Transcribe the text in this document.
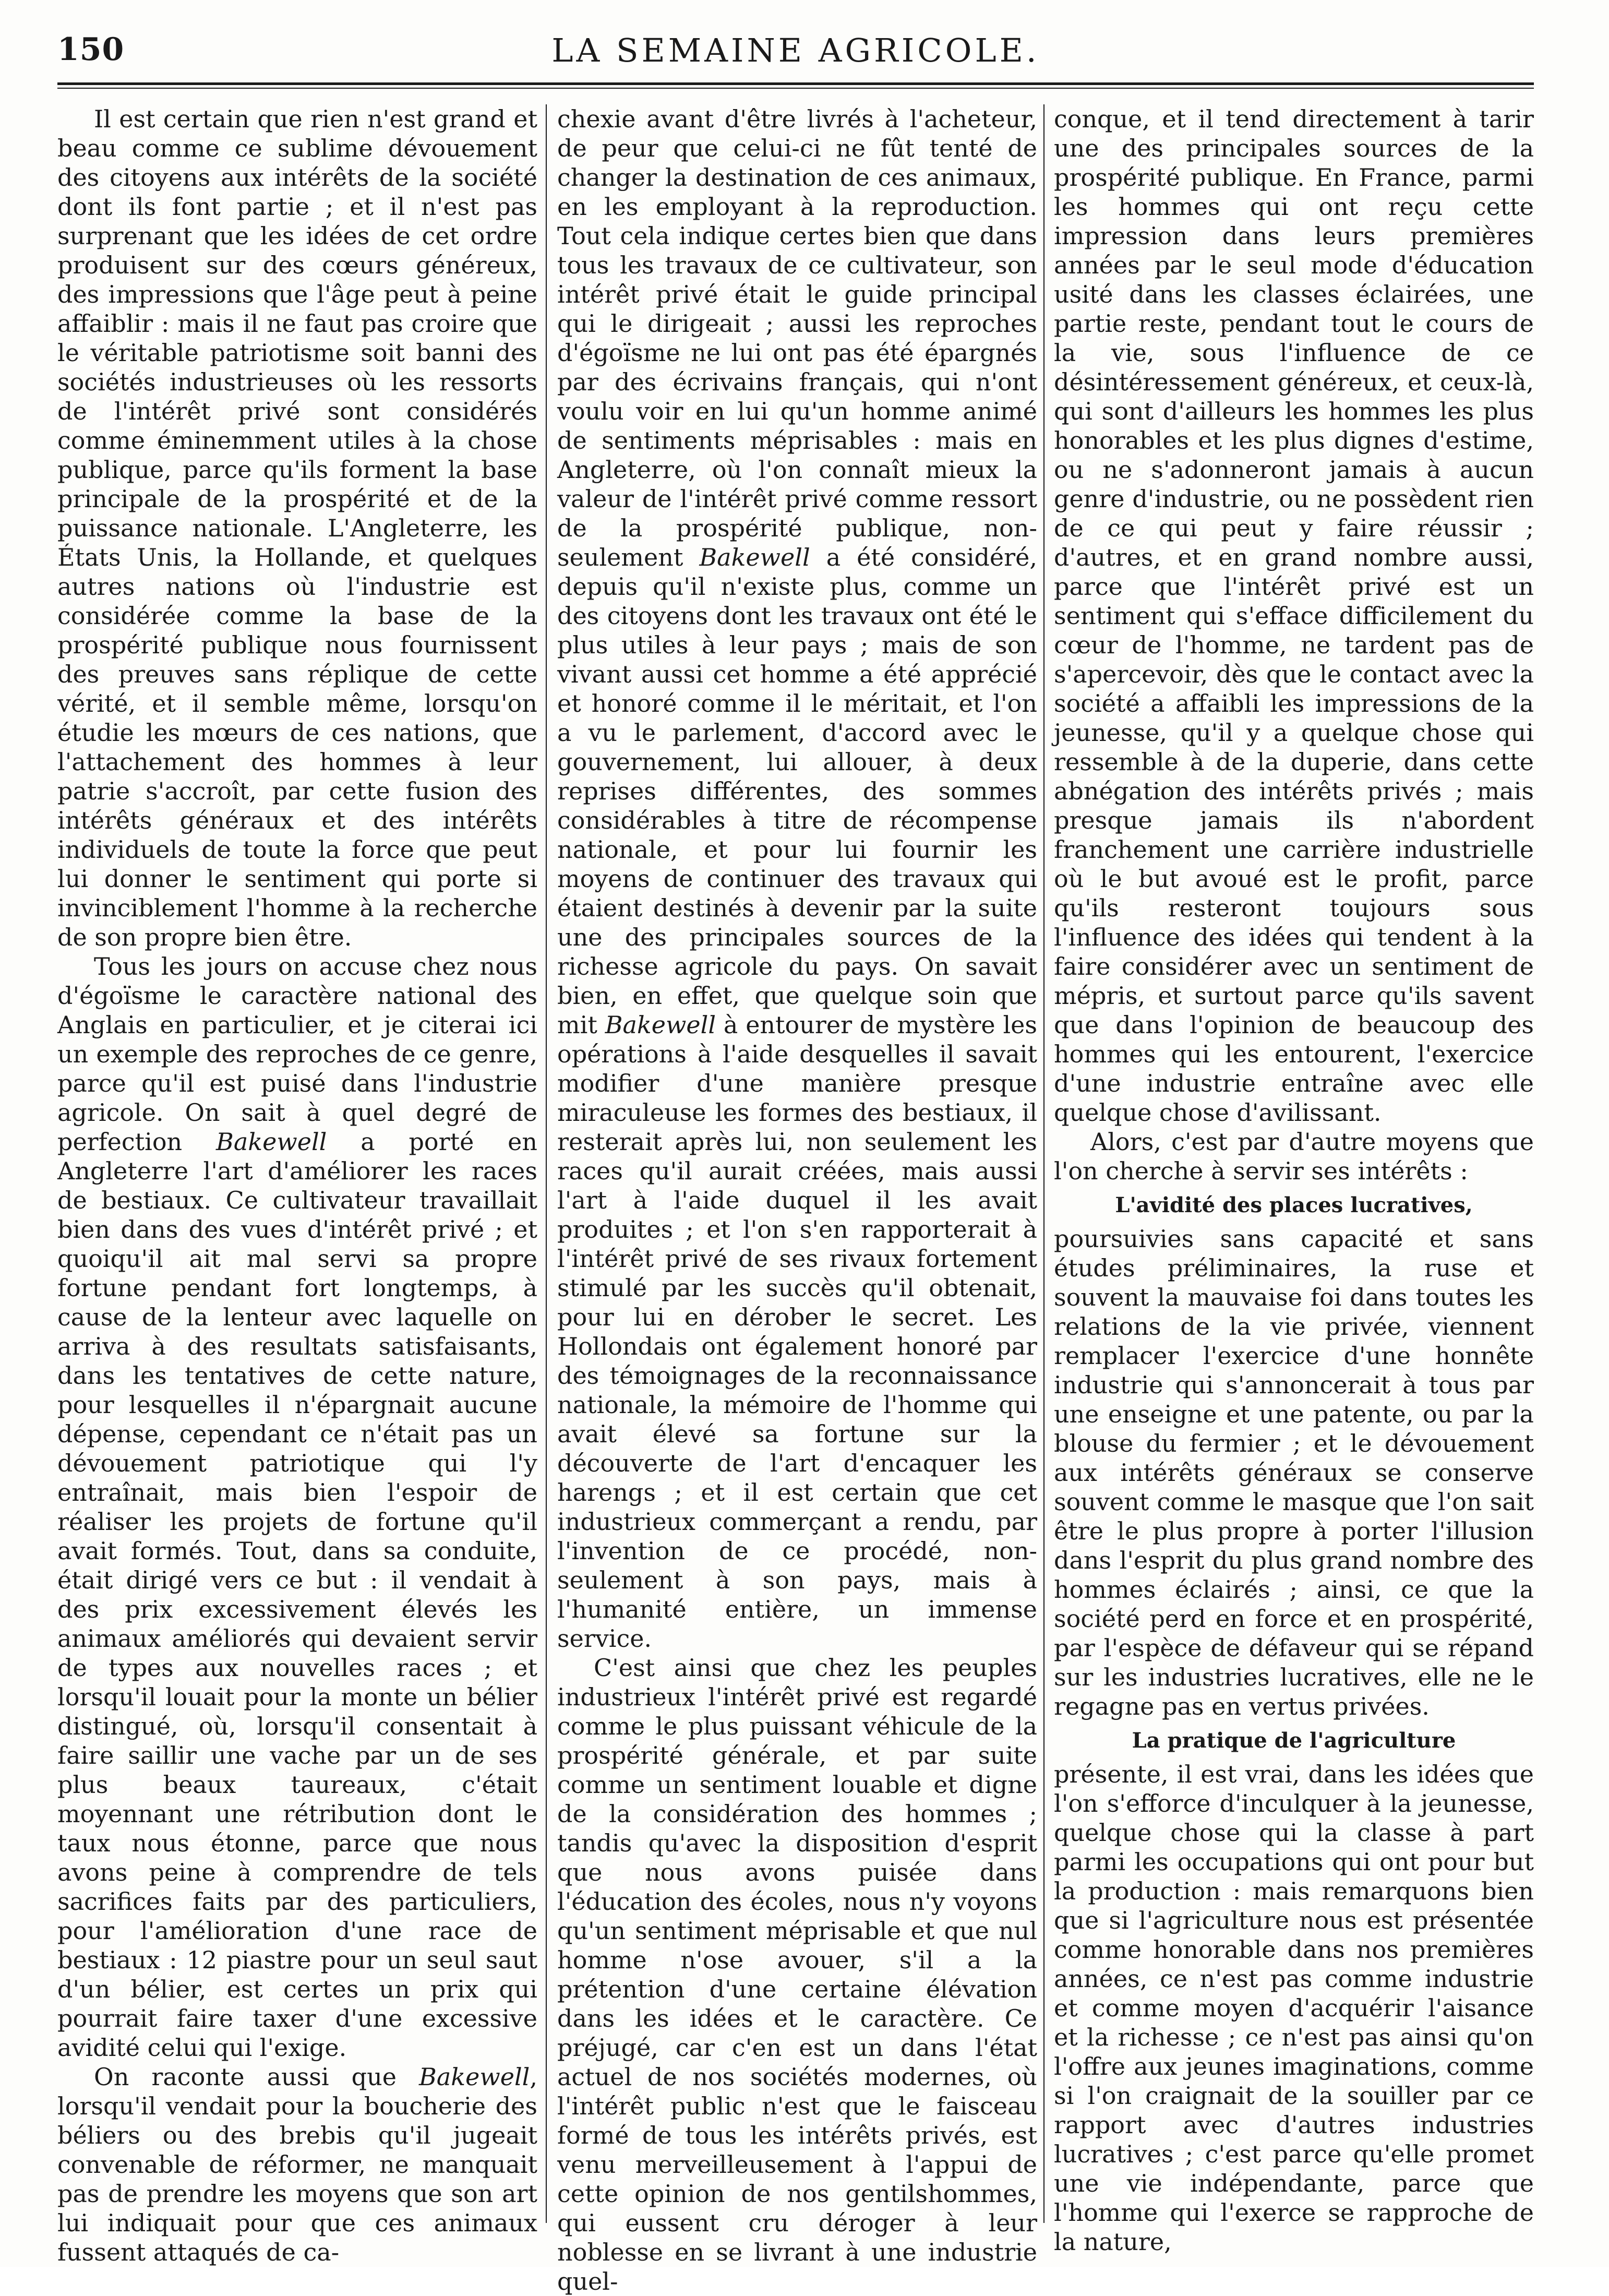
150	LA SEMAINE AGRICOLE.

Il est certain que rien n'est grand et beau comme ce sublime dévouement des citoyens aux intérêts de la société dont ils font partie ; et il n'est pas surprenant que les idées de cet ordre produisent sur des cœurs généreux, des impressions que l'âge peut à peine affaiblir : mais il ne faut pas croire que le véritable patriotisme soit banni des sociétés industrieuses où les ressorts de l'intérêt privé sont considérés comme éminemment utiles à la chose publique, parce qu'ils forment la base principale de la prospérité et de la puissance nationale. L'Angleterre, les États Unis, la Hollande, et quelques autres nations où l'industrie est considérée comme la base de la prospérité publique nous fournissent des preuves sans réplique de cette vérité, et il semble même, lorsqu'on étudie les mœurs de ces nations, que l'attachement des hommes à leur patrie s'accroît, par cette fusion des intérêts généraux et des intérêts individuels de toute la force que peut lui donner le sentiment qui porte si invinciblement l'homme à la recherche de son propre bien être.

Tous les jours on accuse chez nous d'égoïsme le caractère national des Anglais en particulier, et je citerai ici un exemple des reproches de ce genre, parce qu'il est puisé dans l'industrie agricole. On sait à quel degré de perfection Bakewell a porté en Angleterre l'art d'améliorer les races de bestiaux. Ce cultivateur travaillait bien dans des vues d'intérêt privé ; et quoiqu'il ait mal servi sa propre fortune pendant fort longtemps, à cause de la lenteur avec laquelle on arriva à des resultats satisfaisants, dans les tentatives de cette nature, pour lesquelles il n'épargnait aucune dépense, cependant ce n'était pas un dévouement patriotique qui l'y entraînait, mais bien l'espoir de réaliser les projets de fortune qu'il avait formés. Tout, dans sa conduite, était dirigé vers ce but : il vendait à des prix excessivement élevés les animaux améliorés qui devaient servir de types aux nouvelles races ; et lorsqu'il louait pour la monte un bélier distingué, où, lorsqu'il consentait à faire saillir une vache par un de ses plus beaux taureaux, c'était moyennant une rétribution dont le taux nous étonne, parce que nous avons peine à comprendre de tels sacrifices faits par des particuliers, pour l'amélioration d'une race de bestiaux : 12 piastre pour un seul saut d'un bélier, est certes un prix qui pourrait faire taxer d'une excessive avidité celui qui l'exige.

On raconte aussi que Bakewell, lorsqu'il vendait pour la boucherie des béliers ou des brebis qu'il jugeait convenable de réformer, ne manquait pas de prendre les moyens que son art lui indiquait pour que ces animaux fussent attaqués de ca-

chexie avant d'être livrés à l'acheteur, de peur que celui-ci ne fût tenté de changer la destination de ces animaux, en les employant à la reproduction. Tout cela indique certes bien que dans tous les travaux de ce cultivateur, son intérêt privé était le guide principal qui le dirigeait ; aussi les reproches d'égoïsme ne lui ont pas été épargnés par des écrivains français, qui n'ont voulu voir en lui qu'un homme animé de sentiments méprisables : mais en Angleterre, où l'on connaît mieux la valeur de l'intérêt privé comme ressort de la prospérité publique, non-seulement Bakewell a été considéré, depuis qu'il n'existe plus, comme un des citoyens dont les travaux ont été le plus utiles à leur pays ; mais de son vivant aussi cet homme a été apprécié et honoré comme il le méritait, et l'on a vu le parlement, d'accord avec le gouvernement, lui allouer, à deux reprises différentes, des sommes considérables à titre de récompense nationale, et pour lui fournir les moyens de continuer des travaux qui étaient destinés à devenir par la suite une des principales sources de la richesse agricole du pays. On savait bien, en effet, que quelque soin que mit Bakewell à entourer de mystère les opérations à l'aide desquelles il savait modifier d'une manière presque miraculeuse les formes des bestiaux, il resterait après lui, non seulement les races qu'il aurait créées, mais aussi l'art à l'aide duquel il les avait produites ; et l'on s'en rapporterait à l'intérêt privé de ses rivaux fortement stimulé par les succès qu'il obtenait, pour lui en dérober le secret. Les Hollondais ont également honoré par des témoignages de la reconnaissance nationale, la mémoire de l'homme qui avait élevé sa fortune sur la découverte de l'art d'encaquer les harengs ; et il est certain que cet industrieux commerçant a rendu, par l'invention de ce procédé, non-seulement à son pays, mais à l'humanité entière, un immense service.

C'est ainsi que chez les peuples industrieux l'intérêt privé est regardé comme le plus puissant véhicule de la prospérité générale, et par suite comme un sentiment louable et digne de la considération des hommes ; tandis qu'avec la disposition d'esprit que nous avons puisée dans l'éducation des écoles, nous n'y voyons qu'un sentiment méprisable et que nul homme n'ose avouer, s'il a la prétention d'une certaine élévation dans les idées et le caractère. Ce préjugé, car c'en est un dans l'état actuel de nos sociétés modernes, où l'intérêt public n'est que le faisceau formé de tous les intérêts privés, est venu merveilleusement à l'appui de cette opinion de nos gentilshommes, qui eussent cru déroger à leur noblesse en se livrant à une industrie quel-

conque, et il tend directement à tarir une des principales sources de la prospérité publique. En France, parmi les hommes qui ont reçu cette impression dans leurs premières années par le seul mode d'éducation usité dans les classes éclairées, une partie reste, pendant tout le cours de la vie, sous l'influence de ce désintéressement généreux, et ceux-là, qui sont d'ailleurs les hommes les plus honorables et les plus dignes d'estime, ou ne s'adonneront jamais à aucun genre d'industrie, ou ne possèdent rien de ce qui peut y faire réussir ; d'autres, et en grand nombre aussi, parce que l'intérêt privé est un sentiment qui s'efface difficilement du cœur de l'homme, ne tardent pas de s'apercevoir, dès que le contact avec la société a affaibli les impressions de la jeunesse, qu'il y a quelque chose qui ressemble à de la duperie, dans cette abnégation des intérêts privés ; mais presque jamais ils n'abordent franchement une carrière industrielle où le but avoué est le profit, parce qu'ils resteront toujours sous l'influence des idées qui tendent à la faire considérer avec un sentiment de mépris, et surtout parce qu'ils savent que dans l'opinion de beaucoup des hommes qui les entourent, l'exercice d'une industrie entraîne avec elle quelque chose d'avilissant.

Alors, c'est par d'autre moyens que l'on cherche à servir ses intérêts :

L'avidité des places lucratives,

poursuivies sans capacité et sans études préliminaires, la ruse et souvent la mauvaise foi dans toutes les relations de la vie privée, viennent remplacer l'exercice d'une honnête industrie qui s'annoncerait à tous par une enseigne et une patente, ou par la blouse du fermier ; et le dévouement aux intérêts généraux se conserve souvent comme le masque que l'on sait être le plus propre à porter l'illusion dans l'esprit du plus grand nombre des hommes éclairés ; ainsi, ce que la société perd en force et en prospérité, par l'espèce de défaveur qui se répand sur les industries lucratives, elle ne le regagne pas en vertus privées.

La pratique de l'agriculture

présente, il est vrai, dans les idées que l'on s'efforce d'inculquer à la jeunesse, quelque chose qui la classe à part parmi les occupations qui ont pour but la production : mais remarquons bien que si l'agriculture nous est présentée comme honorable dans nos premières années, ce n'est pas comme industrie et comme moyen d'acquérir l'aisance et la richesse ; ce n'est pas ainsi qu'on l'offre aux jeunes imaginations, comme si l'on craignait de la souiller par ce rapport avec d'autres industries lucratives ; c'est parce qu'elle promet une vie indépendante, parce que l'homme qui l'exerce se rapproche de la nature,
